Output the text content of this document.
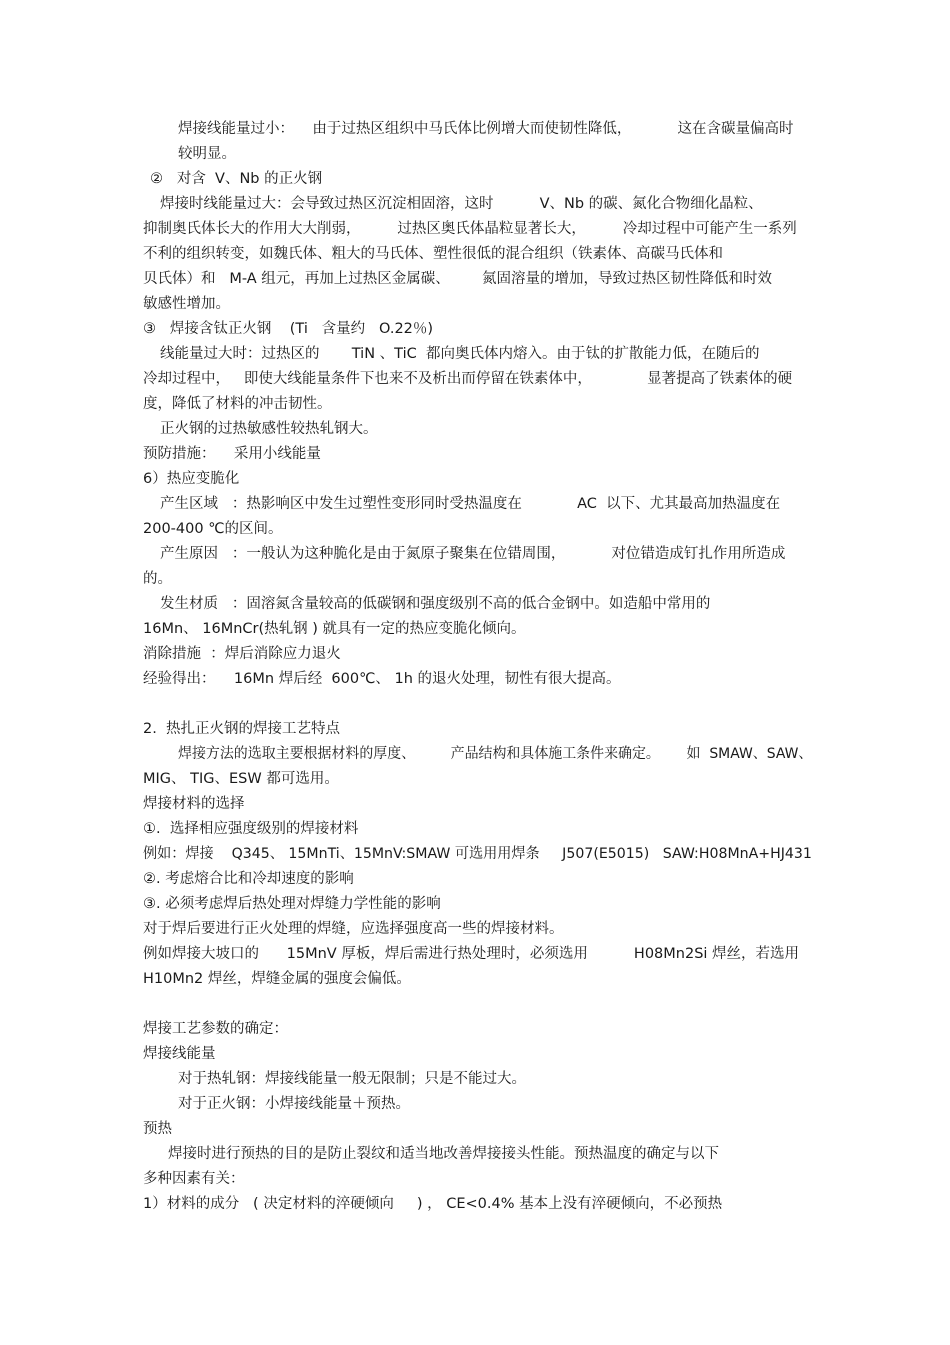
焊接线能量过小：    由于过热区组织中马氏体比例增大而使韧性降低，          这在含碳量偏高时
较明显。
②   对含  V、Nb 的正火钢
焊接时线能量过大：会导致过热区沉淀相固溶，这时          V、Nb 的碳、氮化合物细化晶粒、
抑制奥氏体长大的作用大大削弱，        过热区奥氏体晶粒显著长大，        冷却过程中可能产生一系列
不利的组织转变，如魏氏体、粗大的马氏体、塑性很低的混合组织（铁素体、高碳马氏体和
贝氏体）和   M-A 组元，再加上过热区金属碳、       氮固溶量的增加，导致过热区韧性降低和时效
敏感性增加。
③   焊接含钛正火钢    (Ti   含量约   O.22％)
线能量过大时：过热区的       TiN 、TiC  都向奥氏体内熔入。由于钛的扩散能力低，在随后的
冷却过程中，   即使大线能量条件下也来不及析出而停留在铁素体中，            显著提高了铁素体的硬
度，降低了材料的冲击韧性。
正火钢的过热敏感性较热轧钢大。
预防措施：    采用小线能量
6）热应变脆化
产生区域   ：热影响区中发生过塑性变形同时受热温度在            AC  以下、尤其最高加热温度在
200-400 ℃的区间。
产生原因   ：一般认为这种脆化是由于氮原子聚集在位错周围，          对位错造成钉扎作用所造成
的。
发生材质   ：固溶氮含量较高的低碳钢和强度级别不高的低合金钢中。如造船中常用的
16Mn、 16MnCr(热轧钢 ) 就具有一定的热应变脆化倾向。
消除措施  ：焊后消除应力退火
经验得出：    16Mn 焊后经  600℃、 1h 的退火处理，韧性有很大提高。
2.  热扎正火钢的焊接工艺特点
焊接方法的选取主要根据材料的厚度、        产品结构和具体施工条件来确定。      如  SMAW、SAW、
MIG、 TIG、ESW 都可选用。
焊接材料的选择
①.  选择相应强度级别的焊接材料
例如：焊接    Q345、 15MnTi、15MnV:SMAW 可选用用焊条     J507(E5015)   SAW:H08MnA+HJ431
②. 考虑熔合比和冷却速度的影响
③. 必须考虑焊后热处理对焊缝力学性能的影响
对于焊后要进行正火处理的焊缝，应选择强度高一些的焊接材料。
例如焊接大坡口的      15MnV 厚板，焊后需进行热处理时，必须选用          H08Mn2Si 焊丝，若选用
H10Mn2 焊丝，焊缝金属的强度会偏低。
焊接工艺参数的确定：
焊接线能量
对于热轧钢：焊接线能量一般无限制；只是不能过大。
对于正火钢：小焊接线能量＋预热。
预热
焊接时进行预热的目的是防止裂纹和适当地改善焊接接头性能。预热温度的确定与以下
多种因素有关：
1）材料的成分   ( 决定材料的淬硬倾向     ) ， CE<0.4% 基本上没有淬硬倾向，不必预热
